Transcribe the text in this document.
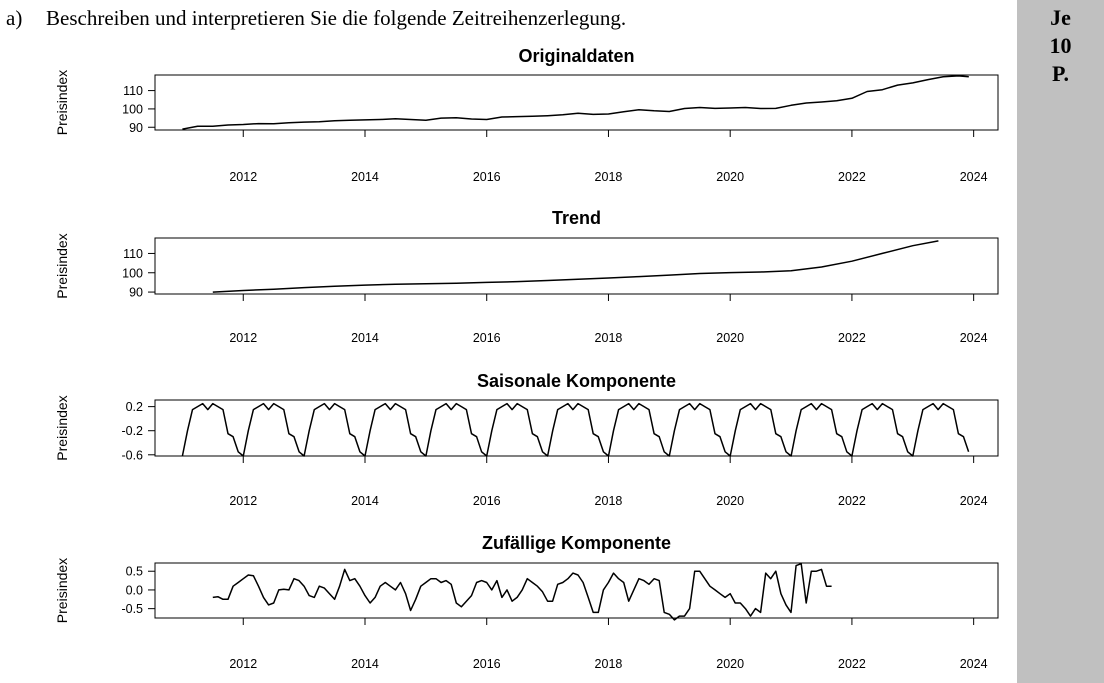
a) Beschreiben und interpretieren Sie die folgende Zeitreihenzerlegung.	Je
10
P.
Originaldaten
Preisindex
2012	2014	2016	2018	2020	2022	2024
90
100
110
Trend
Preisindex
2012	2014	2016	2018	2020	2022	2024
90
100
110
Saisonale Komponente
Preisindex
2012	2014	2016	2018	2020	2022	2024
-0.6
-0.2
0.2
Zufällige Komponente
Preisindex
2012	2014	2016	2018	2020	2022	2024
-0.5
0.0
0.5
